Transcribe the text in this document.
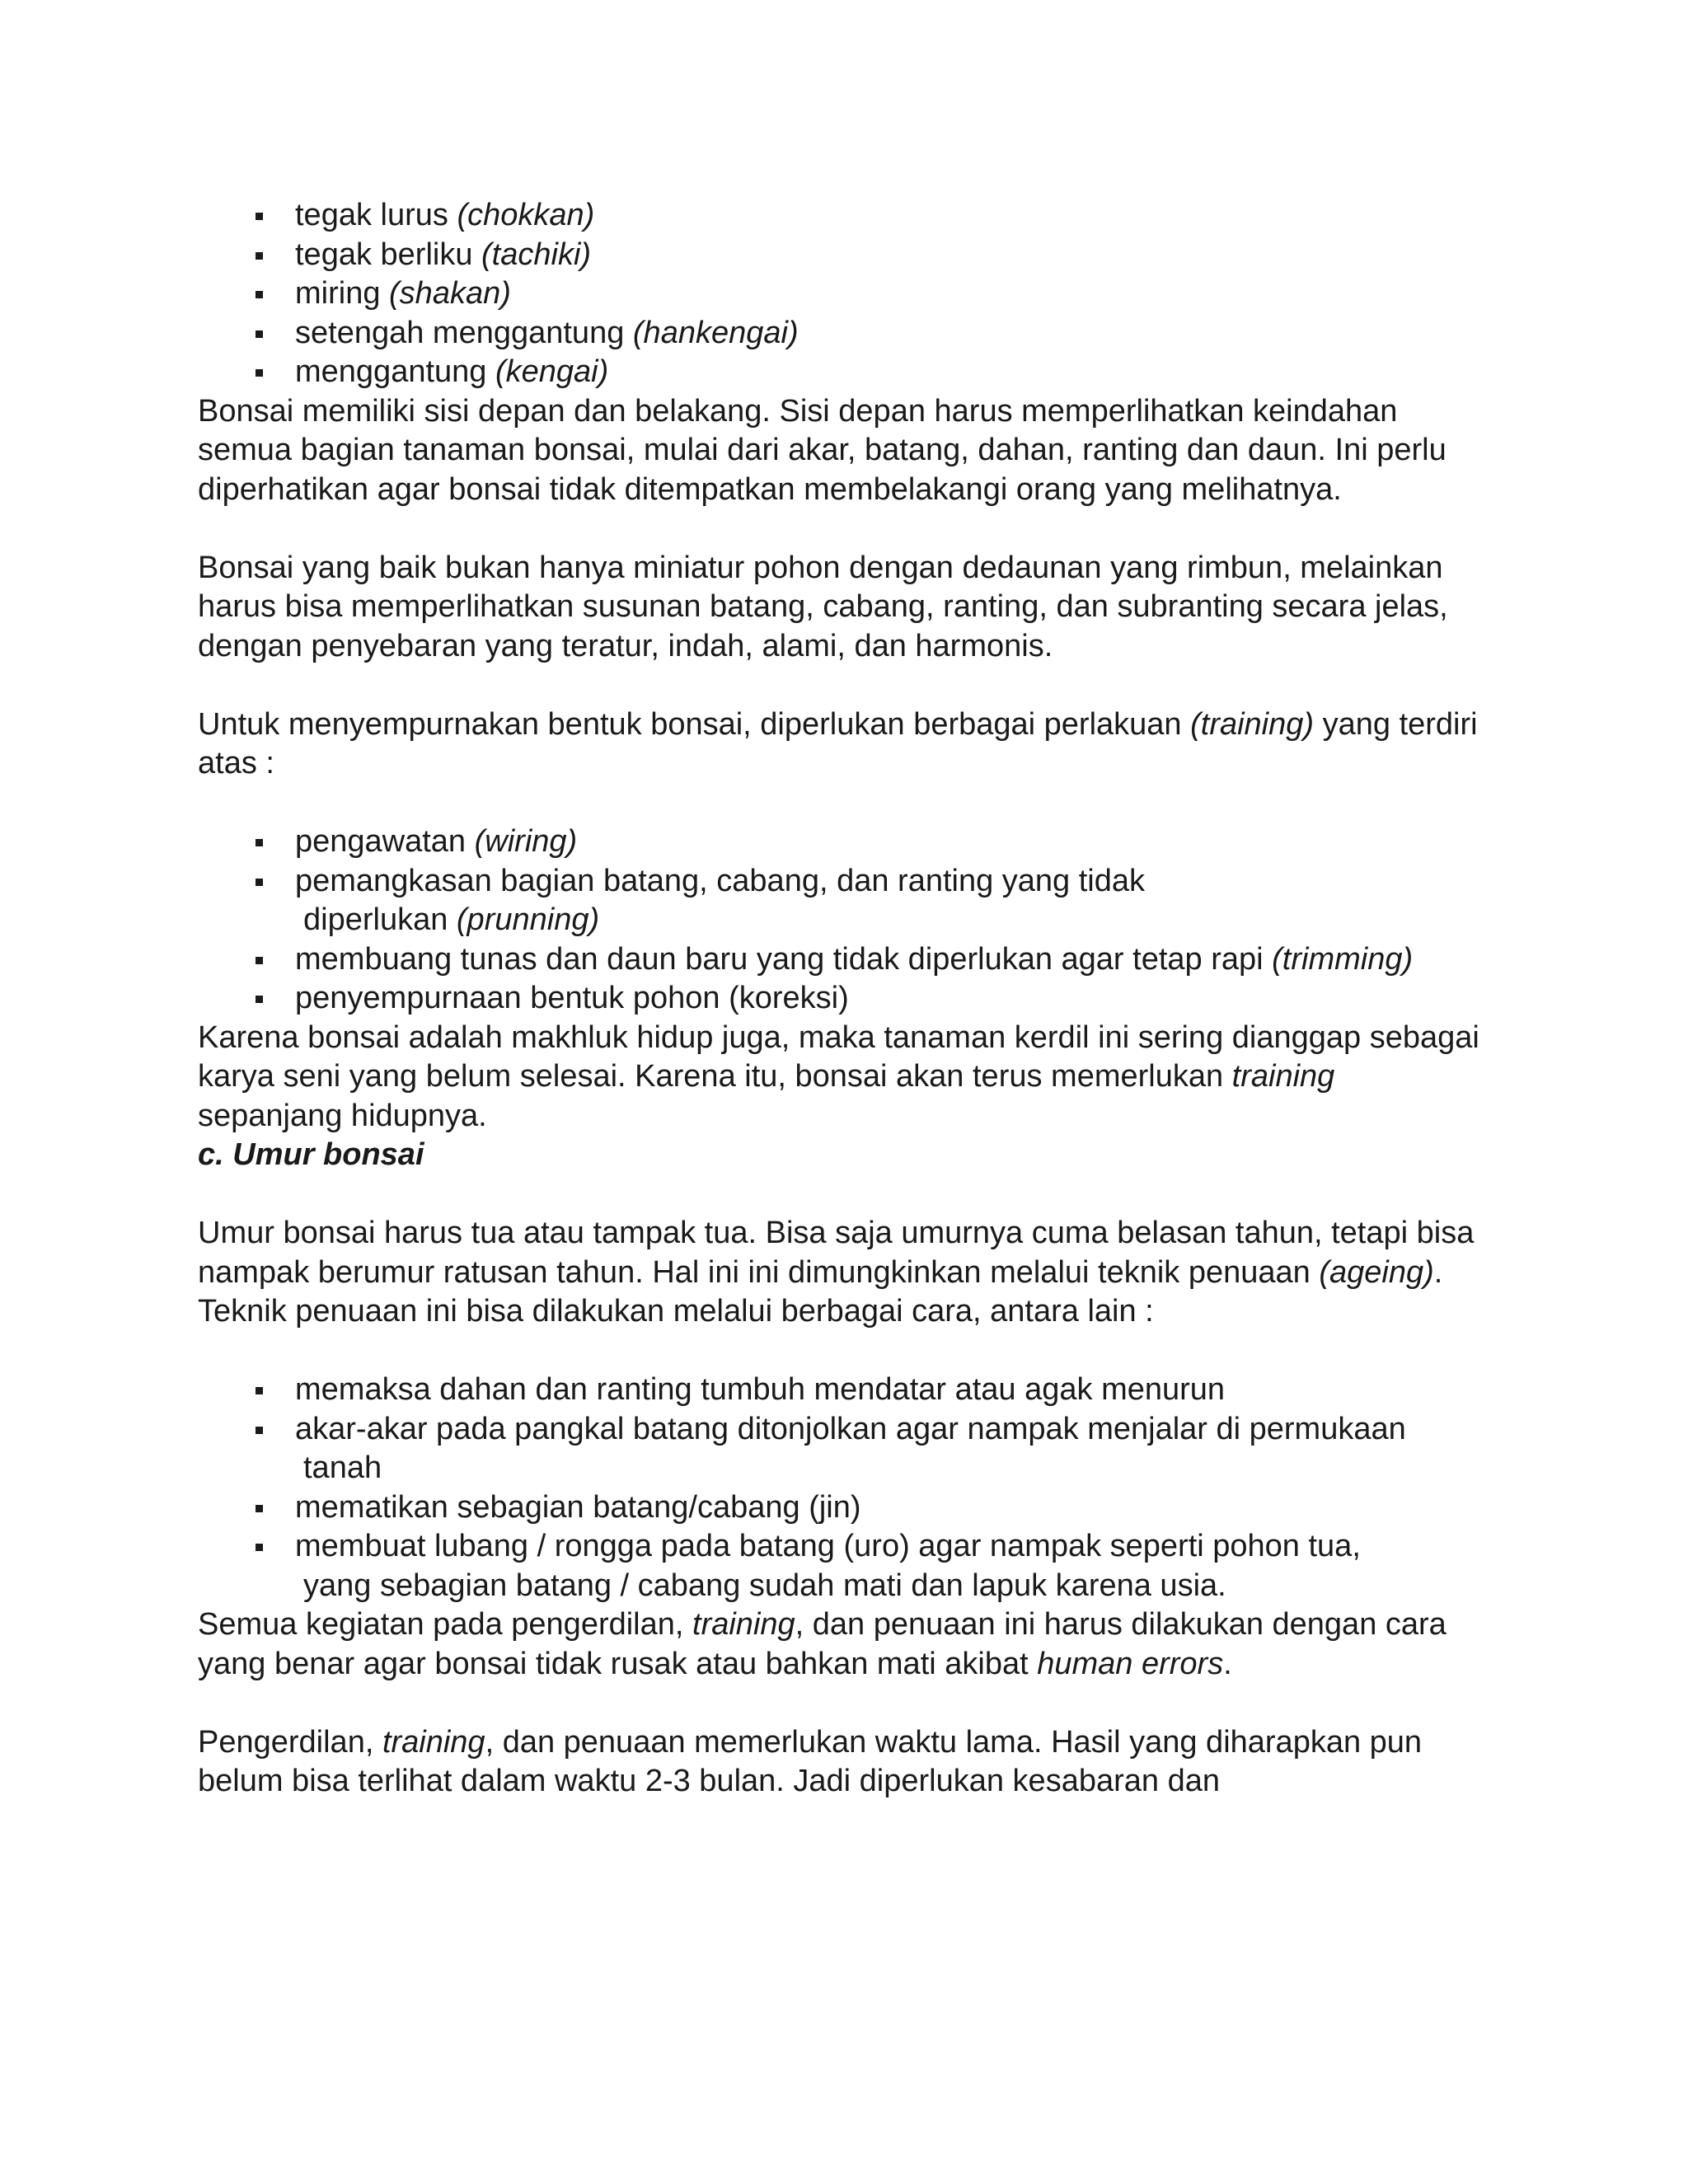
tegak lurus (chokkan)
tegak berliku (tachiki)
miring (shakan)
setengah menggantung (hankengai)
menggantung (kengai)

Bonsai memiliki sisi depan dan belakang. Sisi depan harus memperlihatkan keindahan semua bagian tanaman bonsai, mulai dari akar, batang, dahan, ranting dan daun. Ini perlu diperhatikan agar bonsai tidak ditempatkan membelakangi orang yang melihatnya.

Bonsai yang baik bukan hanya miniatur pohon dengan dedaunan yang rimbun, melainkan harus bisa memperlihatkan susunan batang, cabang, ranting, dan subranting secara jelas, dengan penyebaran yang teratur, indah, alami, dan harmonis.

Untuk menyempurnakan bentuk bonsai, diperlukan berbagai perlakuan (training) yang terdiri atas :

pengawatan (wiring)
pemangkasan bagian batang, cabang, dan ranting yang tidak
diperlukan (prunning)
membuang tunas dan daun baru yang tidak diperlukan agar tetap rapi (trimming)
penyempurnaan bentuk pohon (koreksi)

Karena bonsai adalah makhluk hidup juga, maka tanaman kerdil ini sering dianggap sebagai karya seni yang belum selesai. Karena itu, bonsai akan terus memerlukan training sepanjang hidupnya.

c. Umur bonsai

Umur bonsai harus tua atau tampak tua. Bisa saja umurnya cuma belasan tahun, tetapi bisa nampak berumur ratusan tahun. Hal ini ini dimungkinkan melalui teknik penuaan (ageing). Teknik penuaan ini bisa dilakukan melalui berbagai cara, antara lain :

memaksa dahan dan ranting tumbuh mendatar atau agak menurun
akar-akar pada pangkal batang ditonjolkan agar nampak menjalar di permukaan
tanah
mematikan sebagian batang/cabang (jin)
membuat lubang / rongga pada batang (uro) agar nampak seperti pohon tua,
yang sebagian batang / cabang sudah mati dan lapuk karena usia.

Semua kegiatan pada pengerdilan, training, dan penuaan ini harus dilakukan dengan cara yang benar agar bonsai tidak rusak atau bahkan mati akibat human errors.

Pengerdilan, training, dan penuaan memerlukan waktu lama. Hasil yang diharapkan pun belum bisa terlihat dalam waktu 2-3 bulan. Jadi diperlukan kesabaran dan
